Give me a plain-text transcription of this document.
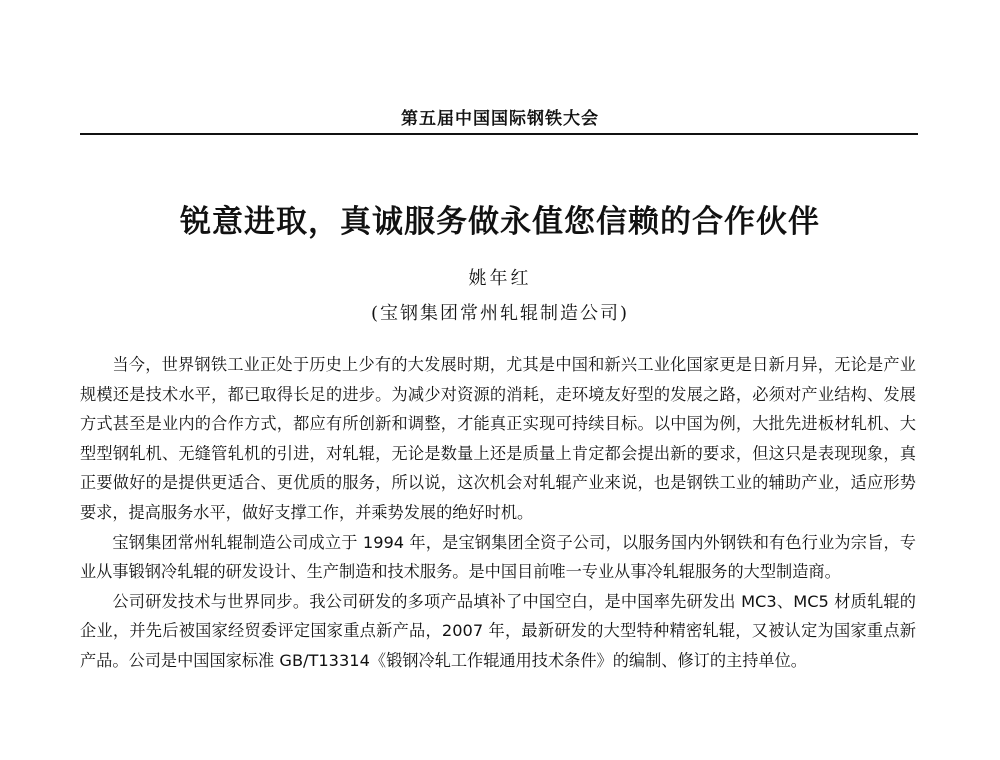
第五届中国国际钢铁大会
锐意进取，真诚服务做永值您信赖的合作伙伴
姚年红
(宝钢集团常州轧辊制造公司)

当今，世界钢铁工业正处于历史上少有的大发展时期，尤其是中国和新兴工业化国家更是日新月异，无论是产业规模还是技术水平，都已取得长足的进步。为减少对资源的消耗，走环境友好型的发展之路，必须对产业结构、发展方式甚至是业内的合作方式，都应有所创新和调整，才能真正实现可持续目标。以中国为例，大批先进板材轧机、大型型钢轧机、无缝管轧机的引进，对轧辊，无论是数量上还是质量上肯定都会提出新的要求，但这只是表现现象，真正要做好的是提供更适合、更优质的服务，所以说，这次机会对轧辊产业来说，也是钢铁工业的辅助产业，适应形势要求，提高服务水平，做好支撑工作，并乘势发展的绝好时机。

宝钢集团常州轧辊制造公司成立于 1994 年，是宝钢集团全资子公司，以服务国内外钢铁和有色行业为宗旨，专业从事锻钢冷轧辊的研发设计、生产制造和技术服务。是中国目前唯一专业从事冷轧辊服务的大型制造商。

公司研发技术与世界同步。我公司研发的多项产品填补了中国空白，是中国率先研发出 MC3、MC5 材质轧辊的企业，并先后被国家经贸委评定国家重点新产品，2007 年，最新研发的大型特种精密轧辊，又被认定为国家重点新产品。公司是中国国家标准 GB/T13314《锻钢冷轧工作辊通用技术条件》的编制、修订的主持单位。
